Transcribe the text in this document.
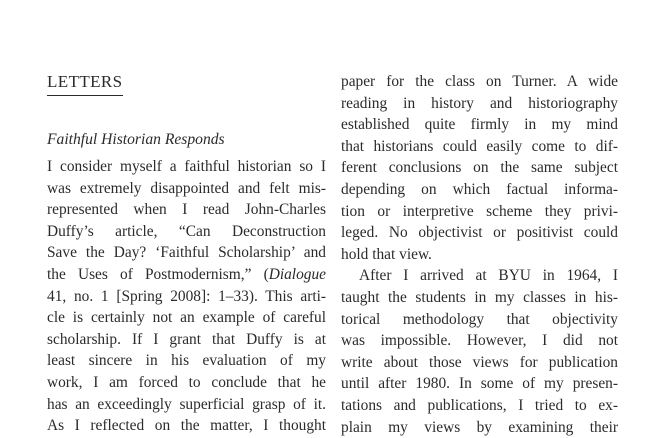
LETTERS
Faithful Historian Responds
I consider myself a faithful historian so I
was extremely disappointed and felt mis-
represented when I read John-Charles
Duffy’s article, “Can Deconstruction
Save the Day? ‘Faithful Scholarship’ and
the Uses of Postmodernism,” (Dialogue
41, no. 1 [Spring 2008]: 1–33). This arti-
cle is certainly not an example of careful
scholarship. If I grant that Duffy is at
least sincere in his evaluation of my
work, I am forced to conclude that he
has an exceedingly superficial grasp of it.
As I reflected on the matter, I thought
paper for the class on Turner. A wide
reading in history and historiography
established quite firmly in my mind
that historians could easily come to dif-
ferent conclusions on the same subject
depending on which factual informa-
tion or interpretive scheme they privi-
leged. No objectivist or positivist could
hold that view.
After I arrived at BYU in 1964, I
taught the students in my classes in his-
torical methodology that objectivity
was impossible. However, I did not
write about those views for publication
until after 1980. In some of my presen-
tations and publications, I tried to ex-
plain my views by examining their
